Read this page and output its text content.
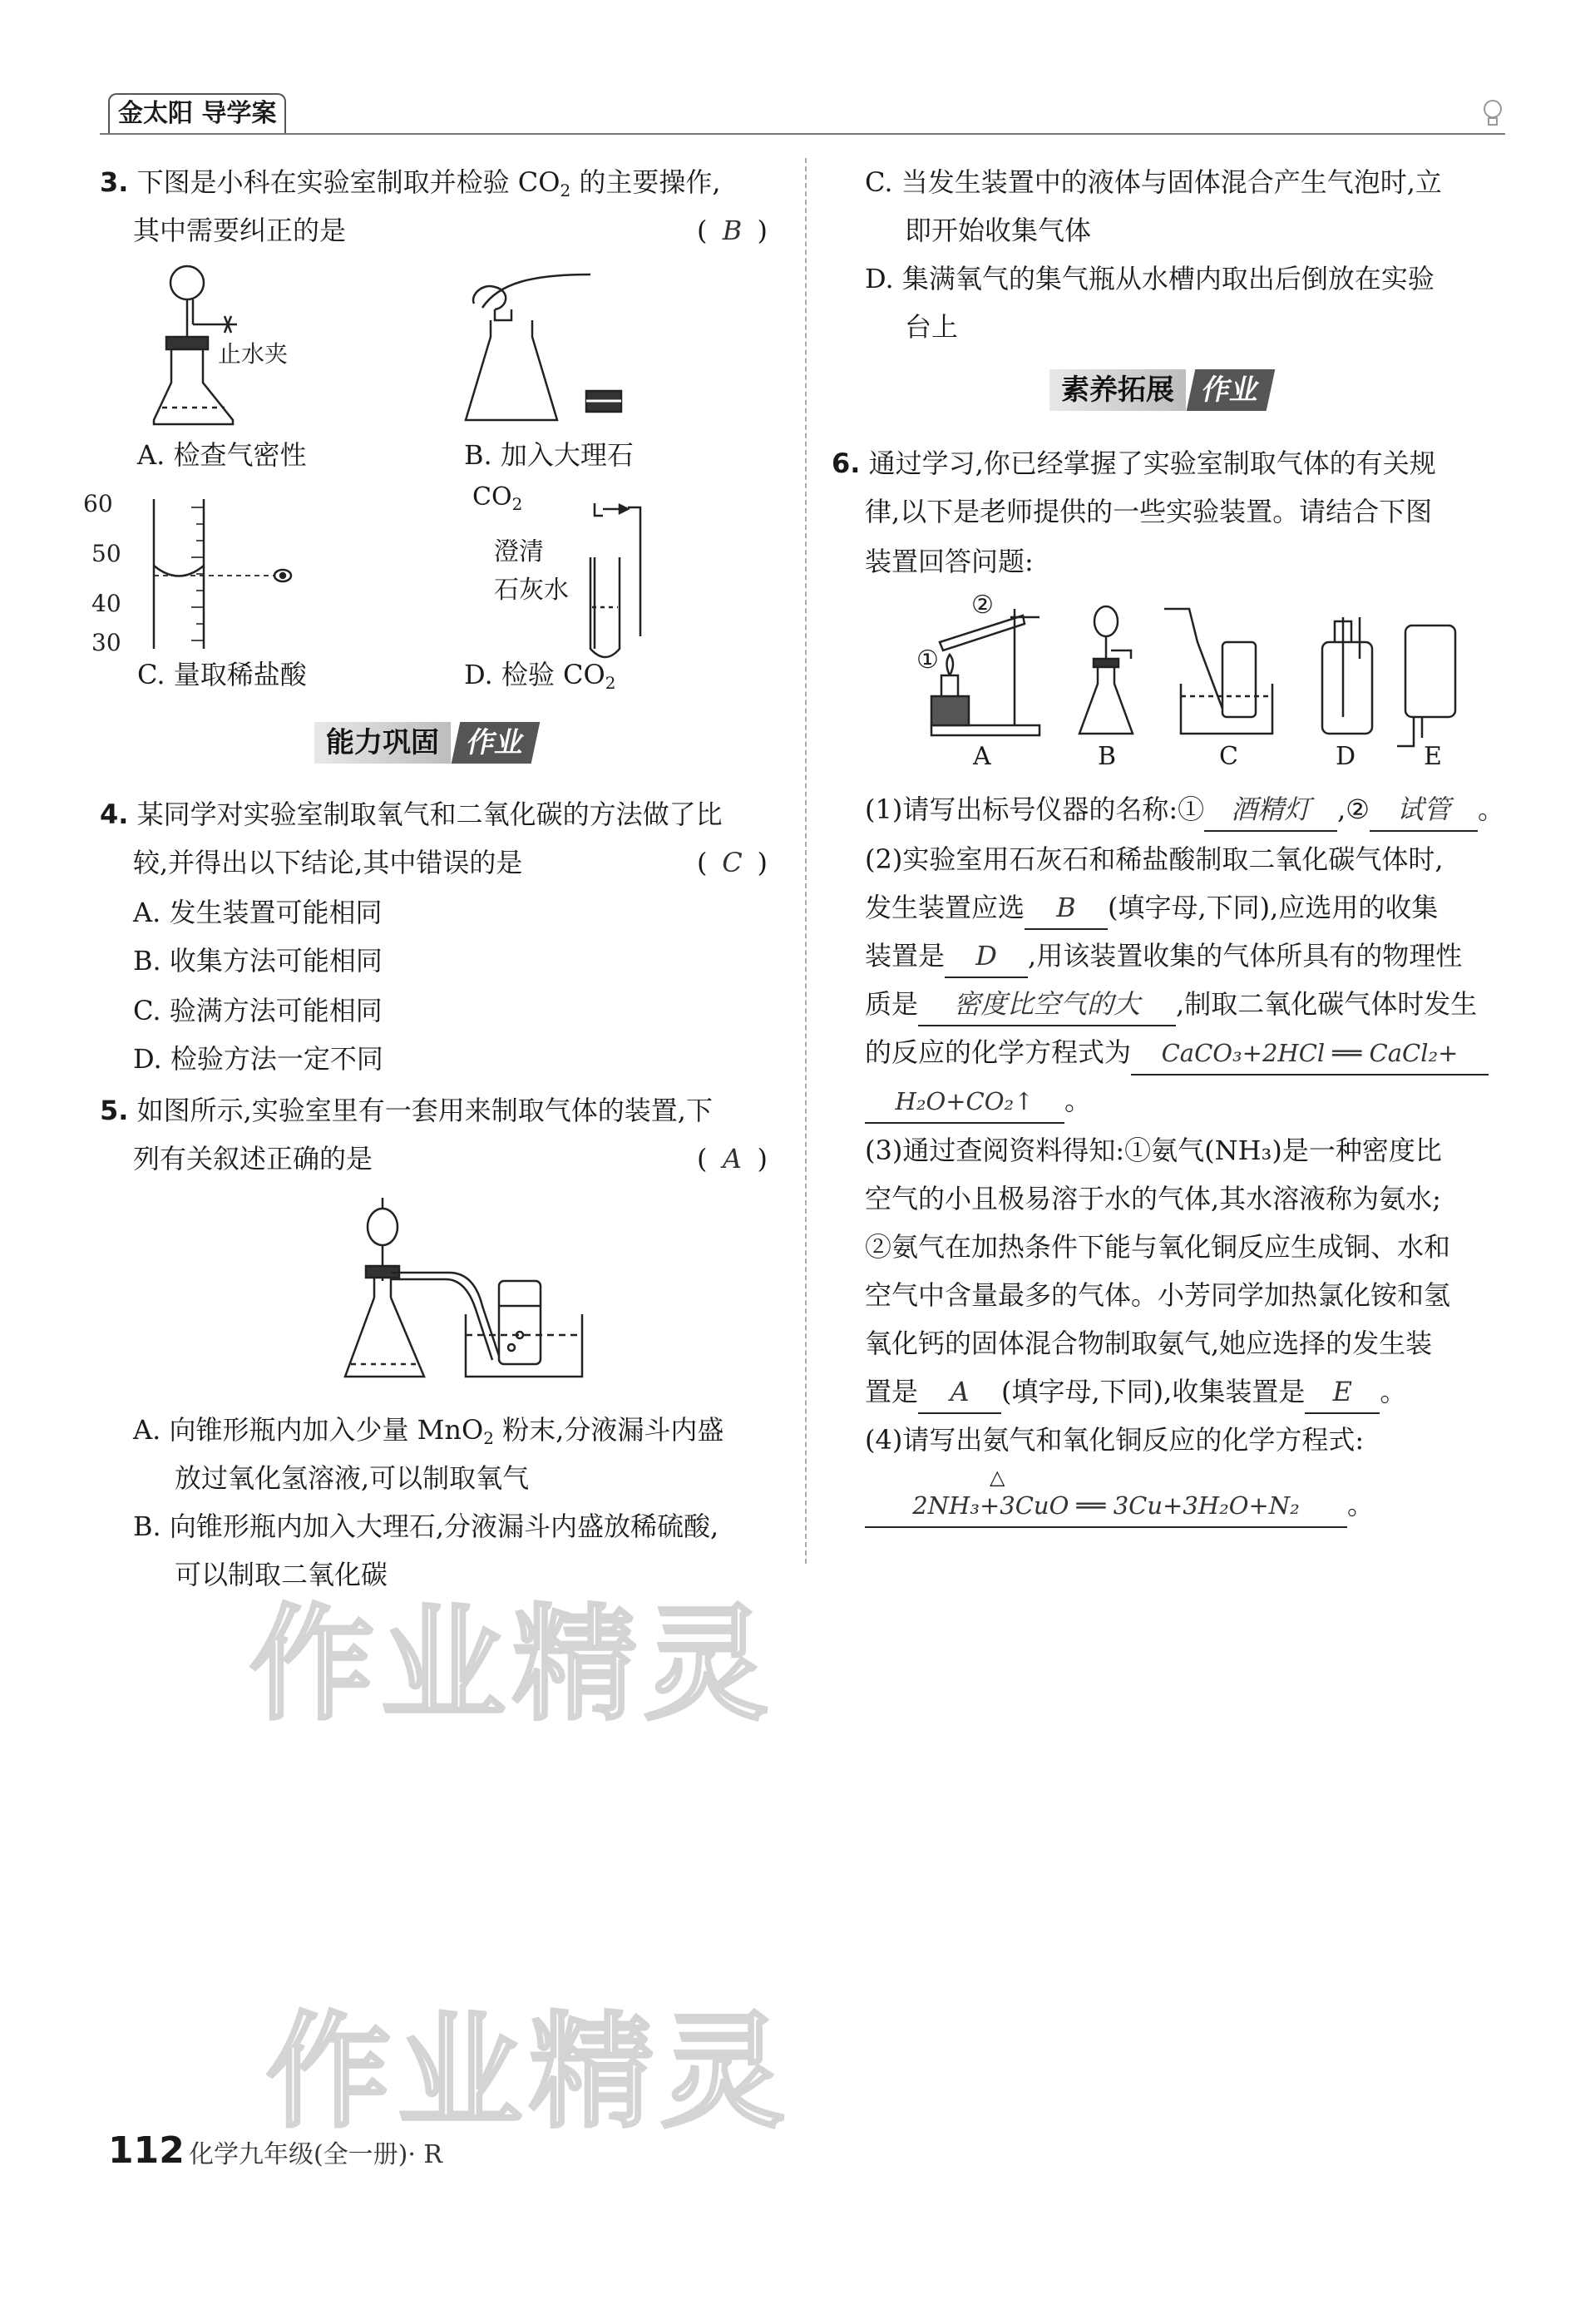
金太阳 导学案
3. 下图是小科在实验室制取并检验 $CO_2$ 的主要操作,
其中需要纠正的是	( B )
止水夹
60
50
40
30
$CO_2$
澄清
石灰水
A. 检查气密性	B. 加入大理石
C. 量取稀盐酸	D. 检验 $CO_2$
能力巩固 作业
4. 某同学对实验室制取氧气和二氧化碳的方法做了比
较,并得出以下结论,其中错误的是	( C )
A. 发生装置可能相同
B. 收集方法可能相同
C. 验满方法可能相同
D. 检验方法一定不同
5. 如图所示,实验室里有一套用来制取气体的装置,下
列有关叙述正确的是	( A )
A. 向锥形瓶内加入少量 MnO$_2$ 粉末,分液漏斗内盛
放过氧化氢溶液,可以制取氧气
B. 向锥形瓶内加入大理石,分液漏斗内盛放稀硫酸,
可以制取二氧化碳
C. 当发生装置中的液体与固体混合产生气泡时,立
即开始收集气体
D. 集满氧气的集气瓶从水槽内取出后倒放在实验
台上
素养拓展 作业
6. 通过学习,你已经掌握了实验室制取气体的有关规
律,以下是老师提供的一些实验装置。请结合下图
装置回答问题:
②
①
A	B	C	D	E
(1)请写出标号仪器的名称:① 酒精灯 ,② 试管 。
(2)实验室用石灰石和稀盐酸制取二氧化碳气体时,
发生装置应选 B (填字母,下同),应选用的收集
装置是 D ,用该装置收集的气体所具有的物理性
质是 密度比空气的大 ,制取二氧化碳气体时发生
的反应的化学方程式为 CaCO₃+2HCl ══ CaCl₂+
H₂O+CO₂↑ 。
(3)通过查阅资料得知:①氨气(NH₃)是一种密度比
空气的小且极易溶于水的气体,其水溶液称为氨水;
②氨气在加热条件下能与氧化铜反应生成铜、水和
空气中含量最多的气体。小芳同学加热氯化铵和氢
氧化钙的固体混合物制取氨气,她应选择的发生装
置是 A (填字母,下同),收集装置是 E 。
(4)请写出氨气和氧化铜反应的化学方程式:
△
2NH₃+3CuO ══ 3Cu+3H₂O+N₂ 。
作业精灵
作业精灵
112 化学九年级(全一册)· R
